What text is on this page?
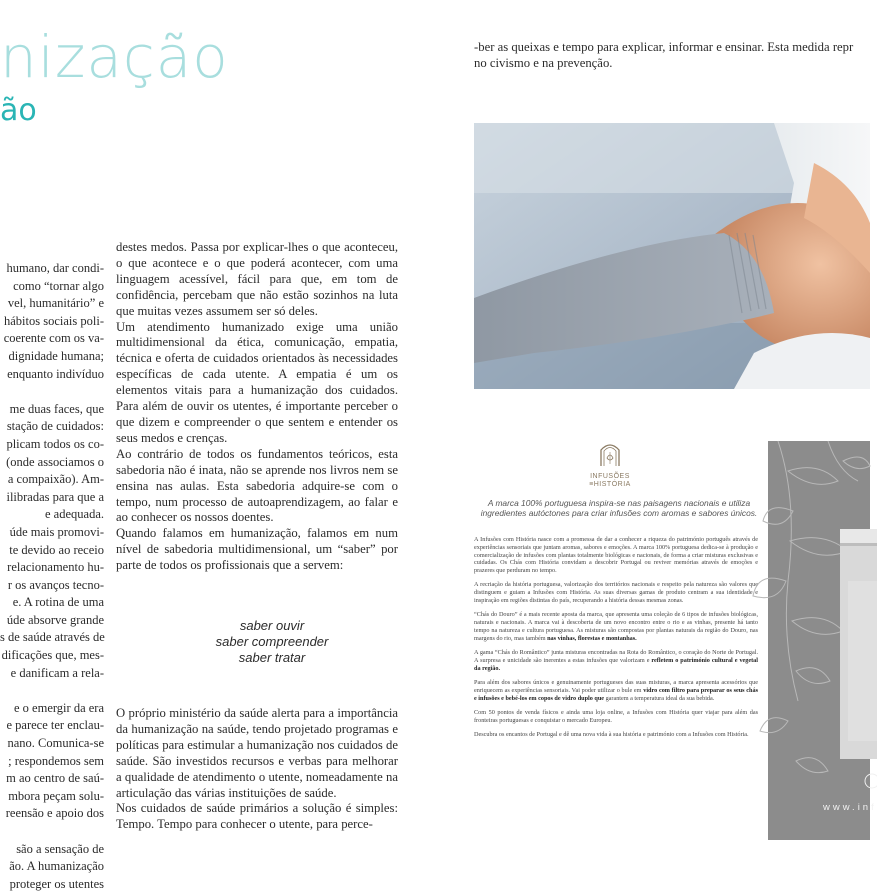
nização
ão

humano, dar condi-

como “tornar algo

vel, humanitário” e

hábitos sociais poli-

coerente com os va-

dignidade humana;

enquanto indivíduo

me duas faces, que

stação de cuidados:

plicam todos os co-

(onde associamos o

a compaixão). Am-

ilibradas para que a

e adequada.

úde mais promovi-

te devido ao receio

relacionamento hu-

r os avanços tecno-

e. A rotina de uma

úde absorve grande

s de saúde através de

dificações que, mes-

e danificam a rela-

e o emergir da era

e parece ter enclau-

nano. Comunica-se

; respondemos sem

m ao centro de saú-

mbora peçam solu-

reensão e apoio dos

são a sensação de

ão. A humanização

proteger os utentes

destes medos. Passa por explicar-lhes o que aconteceu, o que acontece e o que poderá acontecer, com uma linguagem acessível, fácil para que, em tom de confidência, percebam que não estão sozinhos na luta que muitas vezes assumem ser só deles.

Um atendimento humanizado exige uma união multidimensional da ética, comunicação, empatia, técnica e oferta de cuidados orientados às necessidades específicas de cada utente. A empatia é um os elementos vitais para a humanização dos cuidados. Para além de ouvir os utentes, é importante perceber o que dizem e compreender o que sentem e entender os seus medos e crenças.

Ao contrário de todos os fundamentos teóricos, esta sabedoria não é inata, não se aprende nos livros nem se ensina nas aulas. Esta sabedoria adquire-se com o tempo, num processo de autoaprendizagem, ao falar e ao conhecer os nossos doentes.

Quando falamos em humanização, falamos em num nível de sabedoria multidimensional, um “saber” por parte de todos os profissionais que a servem:

saber ouvir
saber compreender
saber tratar

O próprio ministério da saúde alerta para a importância da humanização na saúde, tendo projetado programas e políticas para estimular a humanização nos cuidados de saúde. São investidos recursos e verbas para melhorar a qualidade de atendimento o utente, nomeadamente na articulação das várias instituições de saúde.

Nos cuidados de saúde primários a solução é simples: Tempo. Tempo para conhecer o utente, para perce-

-ber as queixas e tempo para explicar, informar e ensinar. Esta medida repr
no civismo e na prevenção.
INFUSÕES
≡HISTÓRIA
A marca 100% portuguesa inspira-se nas paisagens nacionais e utiliza ingredientes autóctones para criar infusões com aromas e sabores únicos.

A Infusões com História nasce com a promessa de dar a conhecer a riqueza do património português através de experiências sensoriais que juntam aromas, sabores e emoções. A marca 100% portuguesa dedica-se à produção e comercialização de infusões com plantas totalmente biológicas e nacionais, de forma a criar misturas exclusivas e cuidadas. Os Chás com História convidam a descobrir Portugal ou reviver memórias através de emoções e prazeres que perduram no tempo.

A recriação da história portuguesa, valorização dos territórios nacionais e respeito pela natureza são valores que distinguem e guiam a Infusões com História. As suas diversas gamas de produto centram a sua identidade e inspiração em regiões distintas do país, recuperando a história dessas mesmas zonas.

“Chás do Douro” é a mais recente aposta da marca, que apresenta uma coleção de 6 tipos de infusões biológicas, naturais e nacionais. A marca vai à descoberta de um novo encontro entre o rio e as vinhas, presente há tanto tempo na natureza e cultura portuguesa. As misturas são compostas por plantas naturais da região do Douro, nas margens do rio, mas também nas vinhas, florestas e montanhas.

A gama “Chás do Romântico” junta misturas encontradas na Rota do Romântico, o coração do Norte de Portugal. A surpresa e unicidade são inerentes a estas infusões que valorizam e refletem o património cultural e vegetal da região.

Para além dos sabores únicos e genuinamente portugueses das suas misturas, a marca apresenta acessórios que enriquecem as experiências sensoriais. Vai poder utilizar o bule em vidro com filtro para preparar os seus chás e infusões e bebé-los em copos de vidro duplo que garantem a temperatura ideal da sua bebida.

Com 50 pontos de venda físicos e ainda uma loja online, a Infusões com História quer viajar para além das fronteiras portuguesas e conquistar o mercado Europeu.

Descubra os encantos de Portugal e dê uma nova vida à sua história e património com a Infusões com História.

www.inf
